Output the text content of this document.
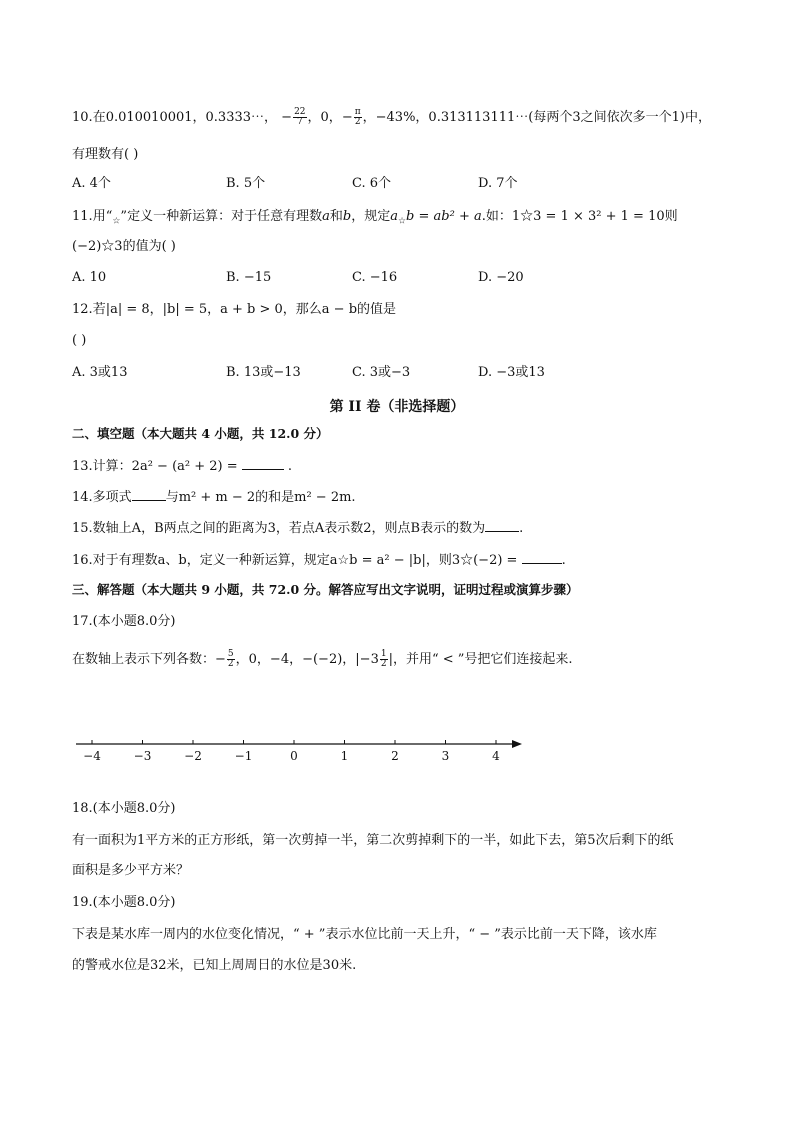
10.在0.010010001，0.3333⋯， − $\frac{22}{7}$ ，0，− $\frac{\pi}{2}$ ，−43%，0.313113111⋯(每两个3之间依次多一个1)中，
有理数有( )
A. 4个	B. 5个	C. 6个	D. 7个
11.用“$_☆$”定义一种新运算：对于任意有理数a和b，规定$a_☆b = ab^2 + a$.如：1☆3 = 1 × 3² + 1 = 10则
(−2)☆3的值为( )
A. 10	B. −15	C. −16	D. −20
12.若|a| = 8，|b| = 5，a + b > 0，那么a − b的值是
( )
A. 3或13	B. 13或−13	C. 3或−3	D. −3或13
第 II 卷（非选择题）
二、填空题（本大题共 4 小题，共 12.0 分）
13.计算：2a² − (a² + 2) =	.
14.多项式	与m² + m − 2的和是m² − 2m.
15.数轴上A，B两点之间的距离为3，若点A表示数2，则点B表示的数为	.
16.对于有理数a、b，定义一种新运算，规定a☆b = a² − |b|，则3☆(−2) =	.
三、解答题（本大题共 9 小题，共 72.0 分。解答应写出文字说明，证明过程或演算步骤）
17.(本小题8.0分)
在数轴上表示下列各数：− $\frac{5}{2}$ ，0，−4，−(−2)，$|-3 \frac{1}{2}$ |，并用“ < ”号把它们连接起来.
−4	−3	−2	−1	0	1	2	3	4
18.(本小题8.0分)
有一面积为1平方米的正方形纸，第一次剪掉一半，第二次剪掉剩下的一半，如此下去，第5次后剩下的纸
面积是多少平方米？
19.(本小题8.0分)
下表是某水库一周内的水位变化情况，“ + ”表示水位比前一天上升，“ − ”表示比前一天下降，该水库
的警戒水位是32米，已知上周周日的水位是30米.
